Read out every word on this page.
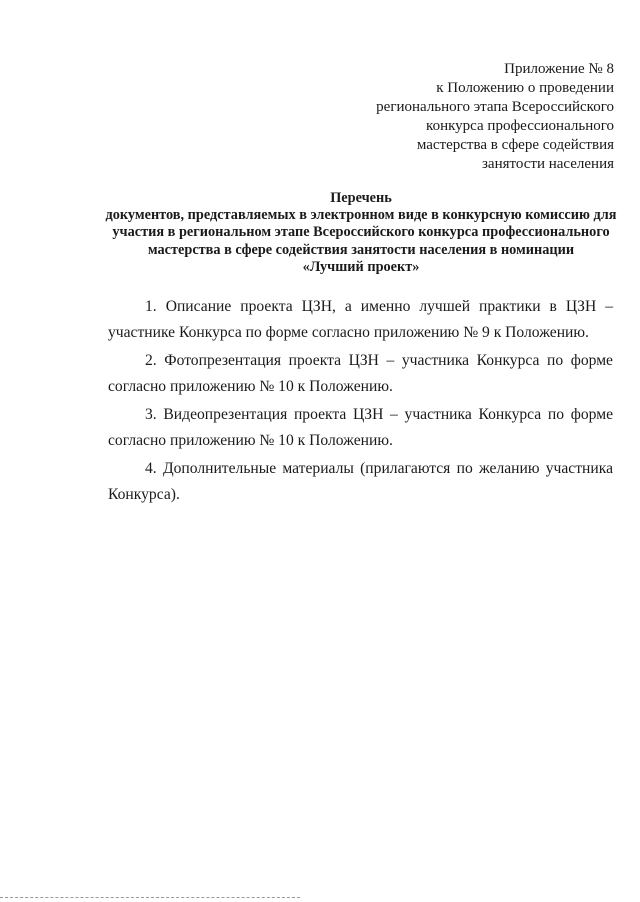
Приложение № 8
к Положению о проведении
регионального этапа Всероссийского
конкурса профессионального
мастерства в сфере содействия
занятости населения
Перечень
документов, представляемых в электронном виде в конкурсную комиссию для
участия в региональном этапе Всероссийского конкурса профессионального
мастерства в сфере содействия занятости населения в номинации
«Лучший проект»

1. Описание проекта ЦЗН, а именно лучшей практики в ЦЗН – участнике Конкурса по форме согласно приложению № 9 к Положению.

2. Фотопрезентация проекта ЦЗН – участника Конкурса по форме согласно приложению № 10 к Положению.

3. Видеопрезентация проекта ЦЗН – участника Конкурса по форме согласно приложению № 10 к Положению.

4. Дополнительные материалы (прилагаются по желанию участника Конкурса).
